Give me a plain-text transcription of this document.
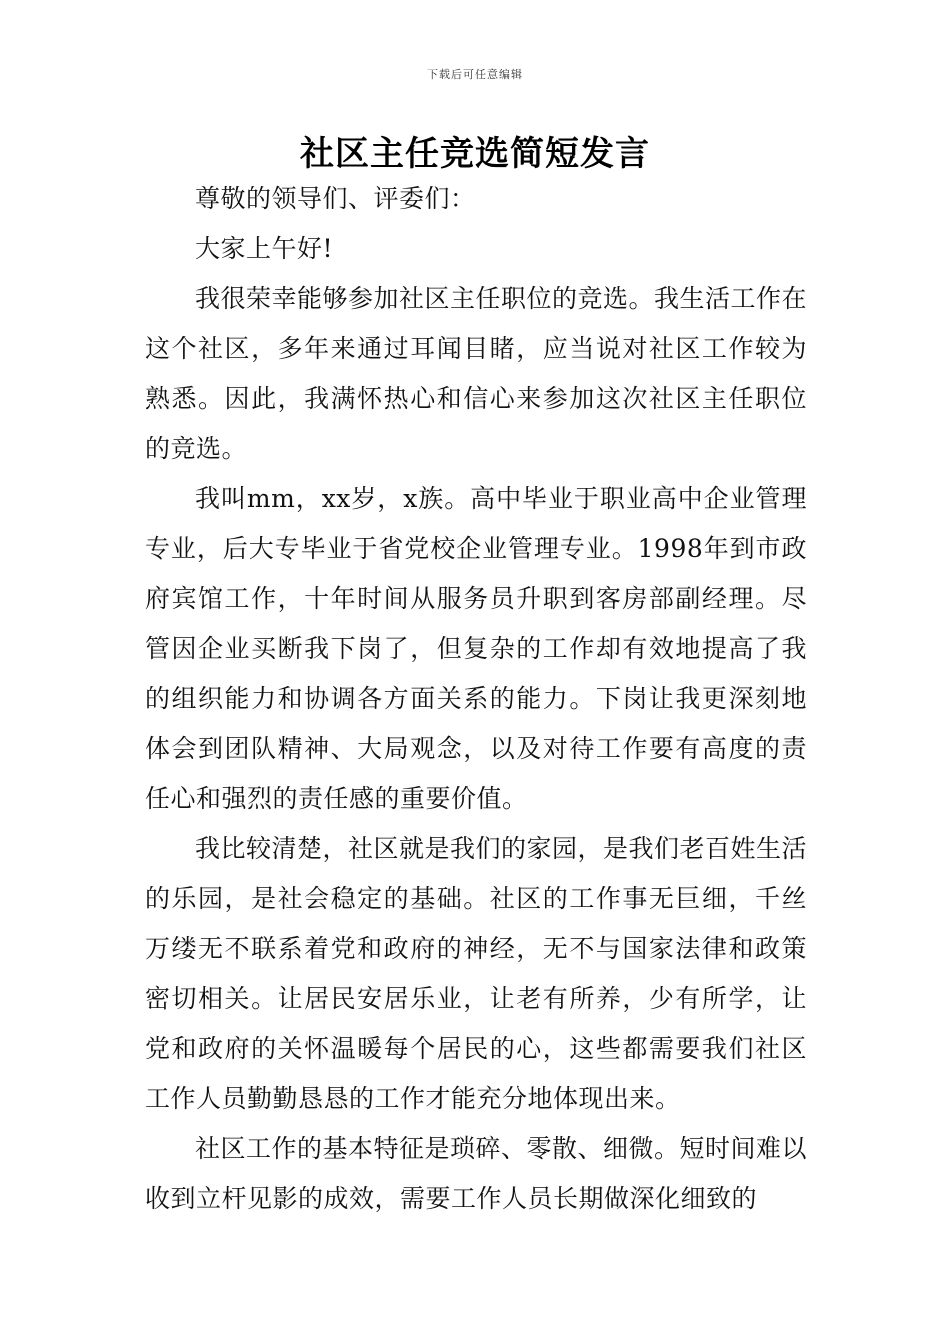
下载后可任意编辑
社区主任竞选简短发言

尊敬的领导们、评委们：

大家上午好!

我很荣幸能够参加社区主任职位的竞选。我生活工作在这个社区，多年来通过耳闻目睹，应当说对社区工作较为熟悉。因此，我满怀热心和信心来参加这次社区主任职位的竞选。

我叫mm，xx岁，x族。高中毕业于职业高中企业管理专业，后大专毕业于省党校企业管理专业。1998年到市政府宾馆工作，十年时间从服务员升职到客房部副经理。尽管因企业买断我下岗了，但复杂的工作却有效地提高了我的组织能力和协调各方面关系的能力。下岗让我更深刻地体会到团队精神、大局观念，以及对待工作要有高度的责任心和强烈的责任感的重要价值。

我比较清楚，社区就是我们的家园，是我们老百姓生活的乐园，是社会稳定的基础。社区的工作事无巨细，千丝万缕无不联系着党和政府的神经，无不与国家法律和政策密切相关。让居民安居乐业，让老有所养，少有所学，让党和政府的关怀温暖每个居民的心，这些都需要我们社区工作人员勤勤恳恳的工作才能充分地体现出来。

社区工作的基本特征是琐碎、零散、细微。短时间难以收到立杆见影的成效，需要工作人员长期做深化细致的
